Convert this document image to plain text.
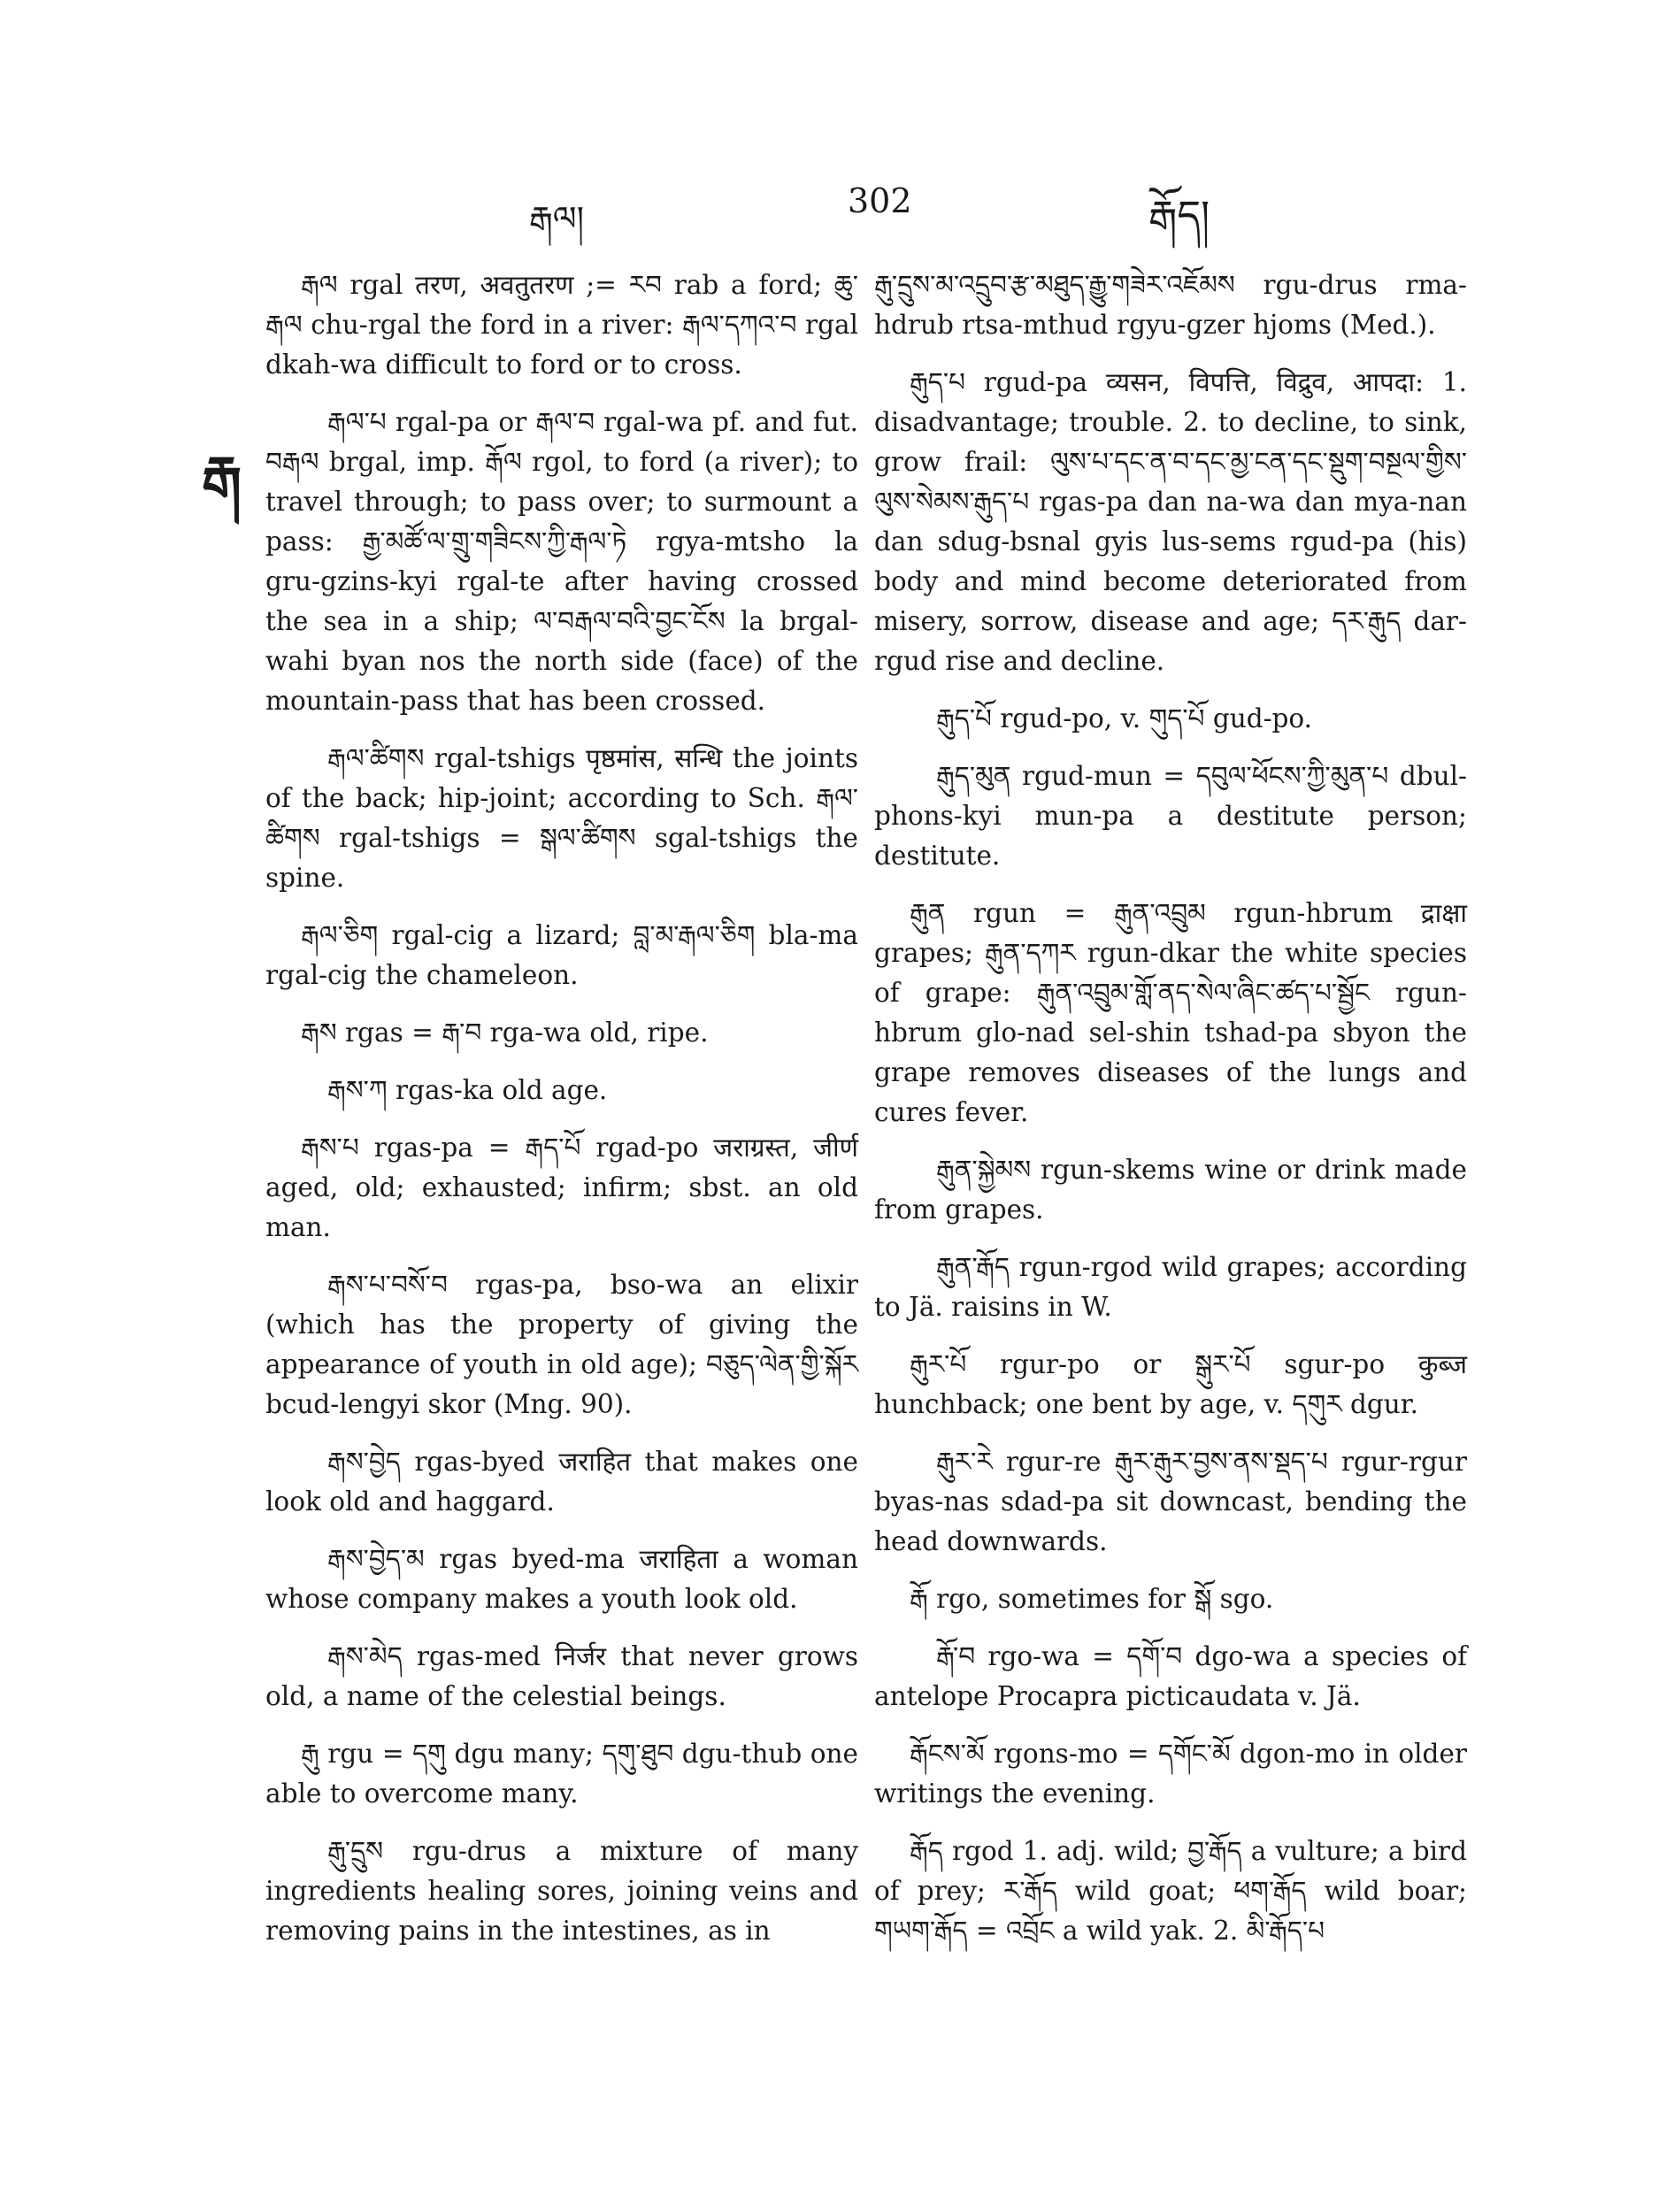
རྒལ།	302	རྒོད།
རྒ

རྒལ rgal तरण, अवतुतरण ;= རབ rab a ford; ཆུ་རྒལ chu-rgal the ford in a river: རྒལ་དཀའ་བ rgal dkah-wa difficult to ford or to cross.

རྒལ་པ rgal-pa or རྒལ་བ rgal-wa pf. and fut. བརྒལ brgal, imp. རྒོལ rgol, to ford (a river); to travel through; to pass over; to surmount a pass: རྒྱ་མཚོ་ལ་གྲུ་གཟིངས་ཀྱི་རྒལ་ཏེ rgya-mtsho la gru-gzins-kyi rgal-te after having crossed the sea in a ship; ལ་བརྒལ་བའི་བྱང་ངོས la brgal-wahi byan nos the north side (face) of the mountain-pass that has been crossed.

རྒལ་ཚིགས rgal-tshigs पृष्ठमांस, सन्धि the joints of the back; hip-joint; according to Sch. རྒལ་ཚིགས rgal-tshigs = སྒལ་ཚིགས sgal-tshigs the spine.

རྒལ་ཅིག rgal-cig a lizard; བླ་མ་རྒལ་ཅིག bla-ma rgal-cig the chameleon.

རྒས rgas = རྒ་བ rga-wa old, ripe.

རྒས་ཀ rgas-ka old age.

རྒས་པ rgas-pa = རྒད་པོ rgad-po जराग्रस्त, जीर्ण aged, old; exhausted; infirm; sbst. an old man.

རྒས་པ་བསོ་བ rgas-pa, bso-wa an elixir (which has the property of giving the appearance of youth in old age); བཅུད་ལེན་གྱི་སྐོར bcud-lengyi skor (Mng. 90).

རྒས་བྱེད rgas-byed जराहित that makes one look old and haggard.

རྒས་བྱེད་མ rgas byed-ma जराहिता a woman whose company makes a youth look old.

རྒས་མེད rgas-med निर्जर that never grows old, a name of the celestial beings.

རྒུ rgu = དགུ dgu many; དགུ་ཐུབ dgu-thub one able to overcome many.

རྒུ་དྲུས rgu-drus a mixture of many ingredients healing sores, joining veins and removing pains in the intestines, as in

རྒུ་དྲུས་མ་འདྲུབ་རྩ་མཐུད་རྒྱུ་གཟེར་འཇོམས rgu-drus rma-hdrub rtsa-mthud rgyu-gzer hjoms (Med.).

རྒུད་པ rgud-pa व्यसन, विपत्ति, विद्रुव, आपदा: 1. disadvantage; trouble. 2. to decline, to sink, grow frail: ལུས་པ་དང་ན་བ་དང་མྱ་ངན་དང་སྡུག་བསྔལ་གྱིས་ལུས་སེམས་རྒུད་པ rgas-pa dan na-wa dan mya-nan dan sdug-bsnal gyis lus-sems rgud-pa (his) body and mind become deteriorated from misery, sorrow, disease and age; དར་རྒུད dar-rgud rise and decline.

རྒུད་པོ rgud-po, v. གུད་པོ gud-po.

རྒུད་མུན rgud-mun = དབུལ་ཕོངས་ཀྱི་མུན་པ dbul-phons-kyi mun-pa a destitute person; destitute.

རྒུན rgun = རྒུན་འབྲུམ rgun-hbrum द्राक्षा grapes; རྒུན་དཀར rgun-dkar the white species of grape: རྒུན་འབྲུམ་གློ་ནད་སེལ་ཞིང་ཚད་པ་སྦྱོང rgun-hbrum glo-nad sel-shin tshad-pa sbyon the grape removes diseases of the lungs and cures fever.

རྒུན་སྐྱེམས rgun-skems wine or drink made from grapes.

རྒུན་རྒོད rgun-rgod wild grapes; according to Jä. raisins in W.

རྒུར་པོ rgur-po or སྒུར་པོ sgur-po कुब्ज hunchback; one bent by age, v. དགུར dgur.

རྒུར་རེ rgur-re རྒུར་རྒུར་བྱས་ནས་སྡད་པ rgur-rgur byas-nas sdad-pa sit downcast, bending the head downwards.

རྒོ rgo, sometimes for སྒོ sgo.

རྒོ་བ rgo-wa = དགོ་བ dgo-wa a species of antelope Procapra picticaudata v. Jä.

རྒོངས་མོ rgons-mo = དགོང་མོ dgon-mo in older writings the evening.

རྒོད rgod 1. adj. wild; བྱ་རྒོད a vulture; a bird of prey; ར་རྒོད wild goat; ཕག་རྒོད wild boar; གཡག་རྒོད = འབྲོང a wild yak. 2. མི་རྒོད་པ
